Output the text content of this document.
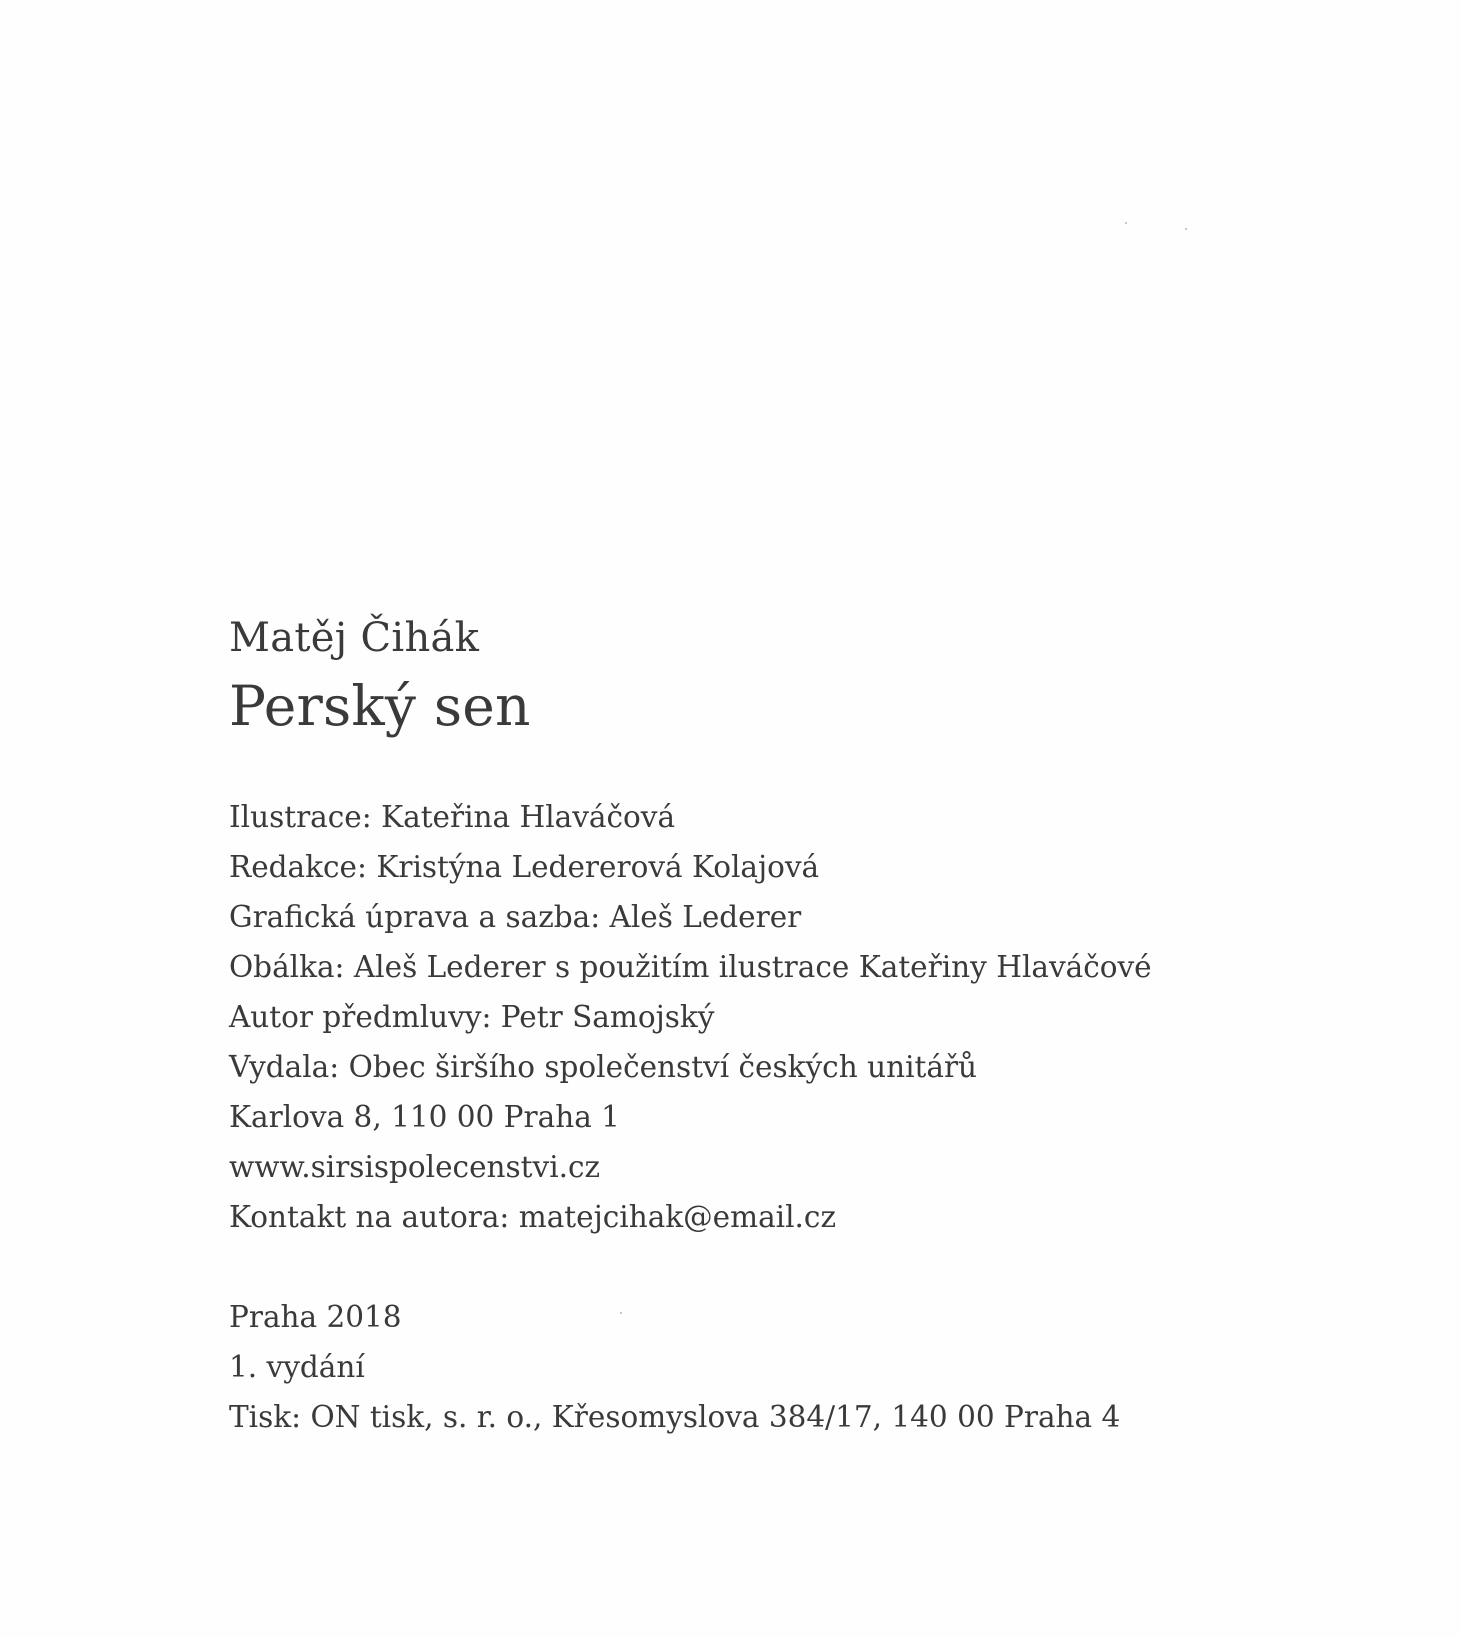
Matěj Čihák
Perský sen
Ilustrace: Kateřina Hlaváčová
Redakce: Kristýna Ledererová Kolajová
Grafická úprava a sazba: Aleš Lederer
Obálka: Aleš Lederer s použitím ilustrace Kateřiny Hlaváčové
Autor předmluvy: Petr Samojský
Vydala: Obec širšího společenství českých unitářů
Karlova 8, 110 00 Praha 1
www.sirsispolecenstvi.cz
Kontakt na autora: matejcihak@email.cz
Praha 2018
1. vydání
Tisk: ON tisk, s. r. o., Křesomyslova 384/17, 140 00 Praha 4
